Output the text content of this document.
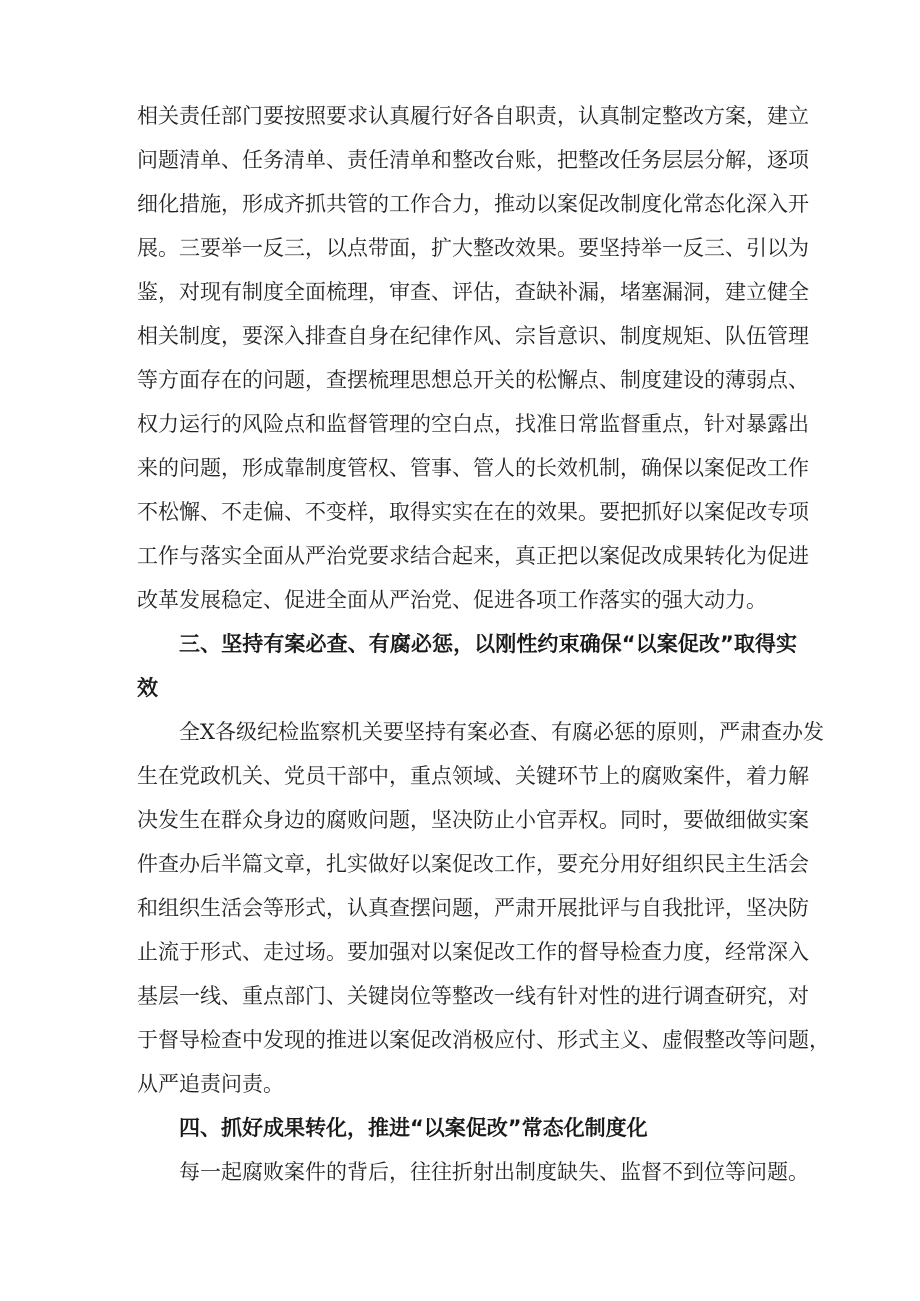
相关责任部门要按照要求认真履行好各自职责，认真制定整改方案，建立
问题清单、任务清单、责任清单和整改台账，把整改任务层层分解，逐项
细化措施，形成齐抓共管的工作合力，推动以案促改制度化常态化深入开
展。三要举一反三，以点带面，扩大整改效果。要坚持举一反三、引以为
鉴，对现有制度全面梳理，审查、评估，查缺补漏，堵塞漏洞，建立健全
相关制度，要深入排查自身在纪律作风、宗旨意识、制度规矩、队伍管理
等方面存在的问题，查摆梳理思想总开关的松懈点、制度建设的薄弱点、
权力运行的风险点和监督管理的空白点，找准日常监督重点，针对暴露出
来的问题，形成靠制度管权、管事、管人的长效机制，确保以案促改工作
不松懈、不走偏、不变样，取得实实在在的效果。要把抓好以案促改专项
工作与落实全面从严治党要求结合起来，真正把以案促改成果转化为促进
改革发展稳定、促进全面从严治党、促进各项工作落实的强大动力。
三、坚持有案必查、有腐必惩，以刚性约束确保“以案促改”取得实
效
全X各级纪检监察机关要坚持有案必查、有腐必惩的原则，严肃查办发
生在党政机关、党员干部中，重点领域、关键环节上的腐败案件，着力解
决发生在群众身边的腐败问题，坚决防止小官弄权。同时，要做细做实案
件查办后半篇文章，扎实做好以案促改工作，要充分用好组织民主生活会
和组织生活会等形式，认真查摆问题，严肃开展批评与自我批评，坚决防
止流于形式、走过场。要加强对以案促改工作的督导检查力度，经常深入
基层一线、重点部门、关键岗位等整改一线有针对性的进行调查研究，对
于督导检查中发现的推进以案促改消极应付、形式主义、虚假整改等问题，
从严追责问责。
四、抓好成果转化，推进“以案促改”常态化制度化
每一起腐败案件的背后，往往折射出制度缺失、监督不到位等问题。
